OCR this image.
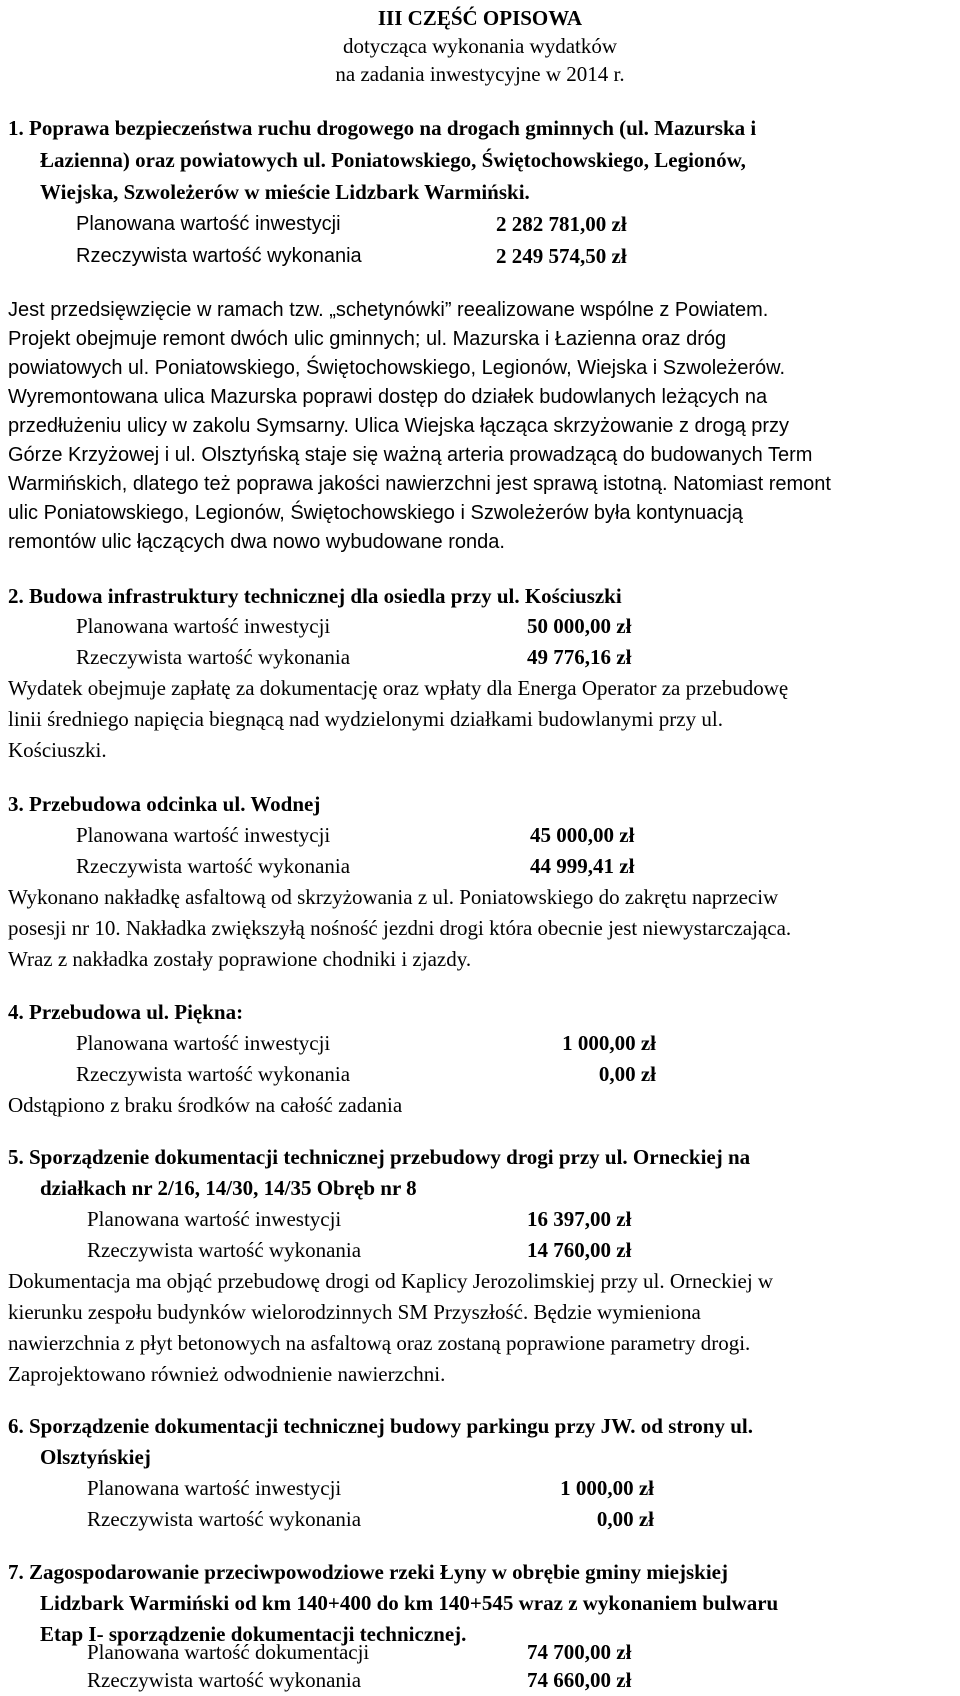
III CZĘŚĆ OPISOWA
dotycząca wykonania wydatków
na zadania inwestycyjne w 2014 r.
1. Poprawa bezpieczeństwa ruchu drogowego na drogach gminnych (ul. Mazurska i
Łazienna) oraz powiatowych ul. Poniatowskiego, Świętochowskiego, Legionów,
Wiejska, Szwoleżerów w mieście Lidzbark Warmiński.
Planowana wartość inwestycji	2 282 781,00 zł
Rzeczywista wartość wykonania	2 249 574,50 zł
Jest przedsięwzięcie w ramach tzw. „schetynówki” reealizowane wspólne z Powiatem.
Projekt obejmuje remont dwóch ulic gminnych; ul. Mazurska i Łazienna oraz dróg
powiatowych ul. Poniatowskiego, Świętochowskiego, Legionów, Wiejska i Szwoleżerów.
Wyremontowana ulica Mazurska poprawi dostęp do działek budowlanych leżących na
przedłużeniu ulicy w zakolu Symsarny. Ulica Wiejska łącząca skrzyżowanie z drogą przy
Górze Krzyżowej i ul. Olsztyńską staje się ważną arteria prowadzącą do budowanych Term
Warmińskich, dlatego też poprawa jakości nawierzchni jest sprawą istotną. Natomiast remont
ulic Poniatowskiego, Legionów, Świętochowskiego i Szwoleżerów była kontynuacją
remontów ulic łączących dwa nowo wybudowane ronda.
2. Budowa infrastruktury technicznej dla osiedla przy ul. Kościuszki
Planowana wartość inwestycji	50 000,00 zł
Rzeczywista wartość wykonania	49 776,16 zł
Wydatek obejmuje zapłatę za dokumentację oraz wpłaty dla Energa Operator za przebudowę
linii średniego napięcia biegnącą nad wydzielonymi działkami budowlanymi przy ul.
Kościuszki.
3. Przebudowa odcinka ul. Wodnej
Planowana wartość inwestycji	45 000,00 zł
Rzeczywista wartość wykonania	44 999,41 zł
Wykonano nakładkę asfaltową od skrzyżowania z ul. Poniatowskiego do zakrętu naprzeciw
posesji nr 10. Nakładka zwiększyłą nośność jezdni drogi która obecnie jest niewystarczająca.
Wraz z nakładka zostały poprawione chodniki i zjazdy.
4. Przebudowa ul. Piękna:
Planowana wartość inwestycji	1 000,00 zł
Rzeczywista wartość wykonania	0,00 zł
Odstąpiono z braku środków na całość zadania
5. Sporządzenie dokumentacji technicznej przebudowy drogi przy ul. Orneckiej na
działkach nr 2/16, 14/30, 14/35 Obręb nr 8
Planowana wartość inwestycji	16 397,00 zł
Rzeczywista wartość wykonania	14 760,00 zł
Dokumentacja ma objąć przebudowę drogi od Kaplicy Jerozolimskiej przy ul. Orneckiej w
kierunku zespołu budynków wielorodzinnych SM Przyszłość. Będzie wymieniona
nawierzchnia z płyt betonowych na asfaltową oraz zostaną poprawione parametry drogi.
Zaprojektowano również odwodnienie nawierzchni.
6. Sporządzenie dokumentacji technicznej budowy parkingu przy JW. od strony ul.
Olsztyńskiej
Planowana wartość inwestycji	1 000,00 zł
Rzeczywista wartość wykonania	0,00 zł
7. Zagospodarowanie przeciwpowodziowe rzeki Łyny w obrębie gminy miejskiej
Lidzbark Warmiński od km 140+400 do km 140+545 wraz z wykonaniem bulwaru
Etap I- sporządzenie dokumentacji technicznej.
Planowana wartość dokumentacji	74 700,00 zł
Rzeczywista wartość wykonania	74 660,00 zł
